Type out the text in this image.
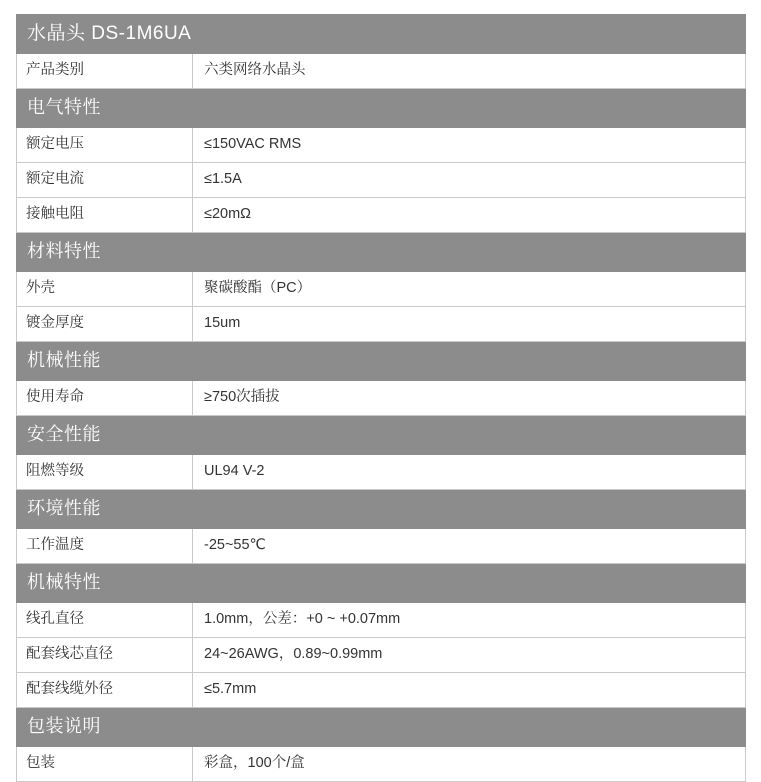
水晶头 DS-1M6UA	

产品类别	六类网络水晶头

电气特性	

额定电压	≤150VAC RMS

额定电流	≤1.5A

接触电阻	≤20mΩ

材料特性	

外壳	聚碳酸酯（PC）

镀金厚度	15um

机械性能	

使用寿命	≥750次插拔

安全性能	

阻燃等级	UL94 V-2

环境性能	

工作温度	-25~55℃

机械特性	

线孔直径	1.0mm，公差：+0 ~ +0.07mm

配套线芯直径	24~26AWG，0.89~0.99mm

配套线缆外径	≤5.7mm

包装说明	

包装	彩盒，100个/盒
